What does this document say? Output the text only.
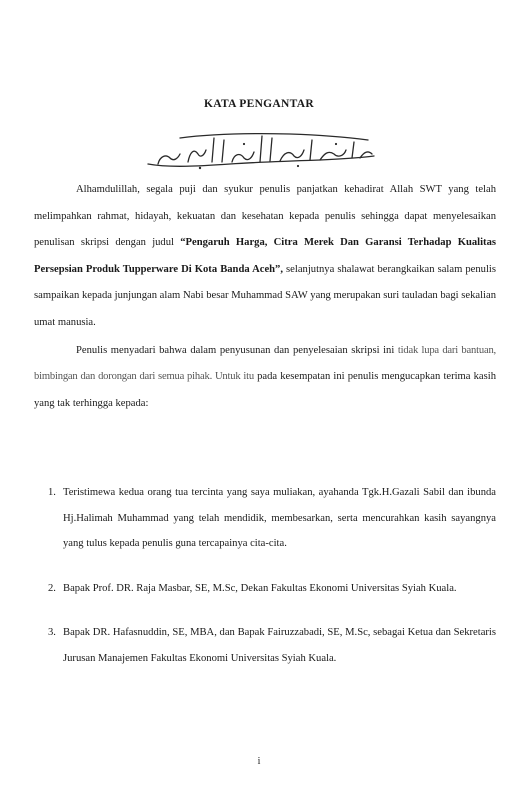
KATA PENGANTAR

Alhamdulillah, segala puji dan syukur penulis panjatkan kehadirat Allah SWT yang telah melimpahkan rahmat, hidayah, kekuatan dan kesehatan kepada penulis sehingga dapat menyelesaikan penulisan skripsi dengan judul “Pengaruh Harga, Citra Merek Dan Garansi Terhadap Kualitas Persepsian Produk Tupperware Di Kota Banda Aceh”, selanjutnya shalawat berangkaikan salam penulis sampaikan kepada junjungan alam Nabi besar Muhammad SAW yang merupakan suri tauladan bagi sekalian umat manusia.

Penulis menyadari bahwa dalam penyusunan dan penyelesaian skripsi ini tidak lupa dari bantuan, bimbingan dan dorongan dari semua pihak. Untuk itu pada kesempatan ini penulis mengucapkan terima kasih yang tak terhingga kepada:

1. Teristimewa kedua orang tua tercinta yang saya muliakan, ayahanda Tgk.H.Gazali Sabil dan ibunda Hj.Halimah Muhammad yang telah mendidik, membesarkan, serta mencurahkan kasih sayangnya yang tulus kepada penulis guna tercapainya cita-cita.
2. Bapak Prof. DR. Raja Masbar, SE, M.Sc, Dekan Fakultas Ekonomi Universitas Syiah Kuala.
3. Bapak DR. Hafasnuddin, SE, MBA, dan Bapak Fairuzzabadi, SE, M.Sc, sebagai Ketua dan Sekretaris Jurusan Manajemen Fakultas Ekonomi Universitas Syiah Kuala.
i
